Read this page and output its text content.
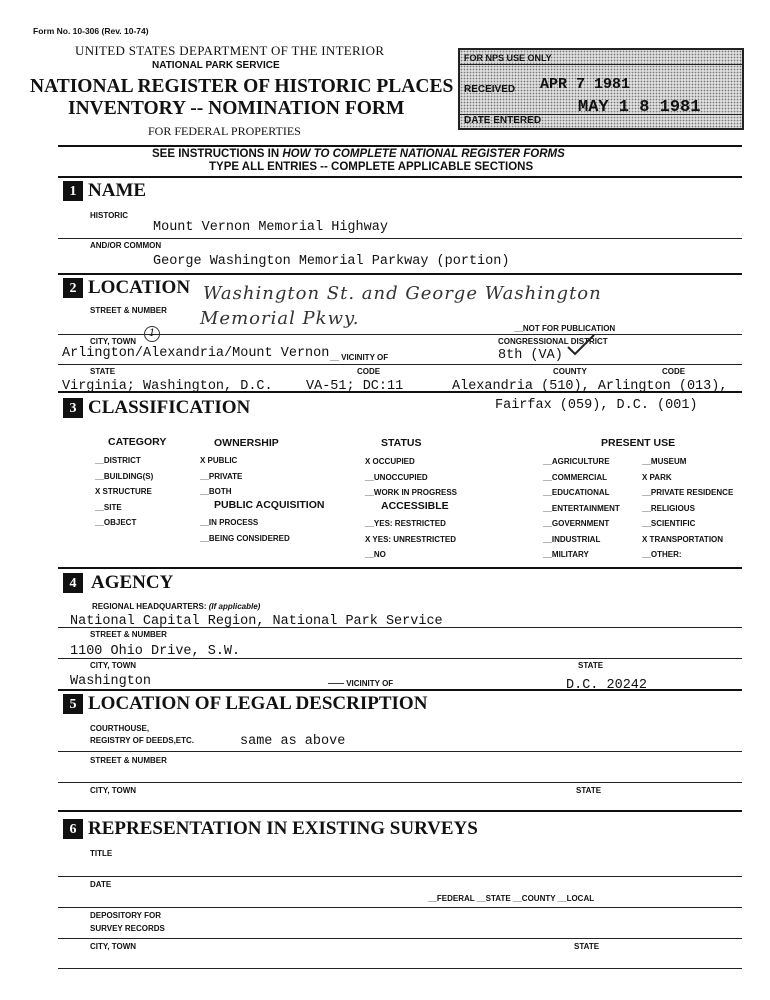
Form No. 10-306 (Rev. 10-74)
UNITED STATES DEPARTMENT OF THE INTERIOR
NATIONAL PARK SERVICE
NATIONAL REGISTER OF HISTORIC PLACES
INVENTORY -- NOMINATION FORM
FOR FEDERAL PROPERTIES
FOR NPS USE ONLY
RECEIVED APR 7 1981
DATE ENTERED
MAY 1 8 1981
SEE INSTRUCTIONS IN HOW TO COMPLETE NATIONAL REGISTER FORMS
TYPE ALL ENTRIES -- COMPLETE APPLICABLE SECTIONS
1 NAME
HISTORIC
Mount Vernon Memorial Highway
AND/OR COMMON
George Washington Memorial Parkway (portion)
2 LOCATION
STREET & NUMBER
Washington St. and George Washington
Memorial Pkwy.	__NOT FOR PUBLICATION
CITY, TOWN
1
CONGRESSIONAL DISTRICT
Arlington/Alexandria/Mount Vernon __ VICINITY OF	8th (VA)
STATE	CODE	COUNTY	CODE
Virginia; Washington, D.C. VA-51; DC:11	Alexandria (510), Arlington (013),
3 CLASSIFICATION	Fairfax (059), D.C. (001)
CATEGORY
__DISTRICT
__BUILDING(S)
X STRUCTURE
__SITE
__OBJECT
OWNERSHIP
X PUBLIC
__PRIVATE
__BOTH
PUBLIC ACQUISITION
__IN PROCESS
__BEING CONSIDERED
STATUS
X OCCUPIED
__UNOCCUPIED
__WORK IN PROGRESS
ACCESSIBLE
__YES: RESTRICTED
X YES: UNRESTRICTED
__NO
PRESENT USE
__AGRICULTURE
__COMMERCIAL
__EDUCATIONAL
__ENTERTAINMENT
__GOVERNMENT
__INDUSTRIAL
__MILITARY
__MUSEUM
X PARK
__PRIVATE RESIDENCE
__RELIGIOUS
__SCIENTIFIC
X TRANSPORTATION
__OTHER:
4 AGENCY
REGIONAL HEADQUARTERS: (If applicable)
National Capital Region, National Park Service
STREET & NUMBER
1100 Ohio Drive, S.W.
CITY, TOWN	STATE
Washington	—— VICINITY OF	D.C. 20242
5 LOCATION OF LEGAL DESCRIPTION
COURTHOUSE,
REGISTRY OF DEEDS,ETC.	same as above
STREET & NUMBER
CITY, TOWN	STATE
6 REPRESENTATION IN EXISTING SURVEYS
TITLE
DATE
__FEDERAL __STATE __COUNTY __LOCAL
DEPOSITORY FOR
SURVEY RECORDS
CITY, TOWN	STATE
